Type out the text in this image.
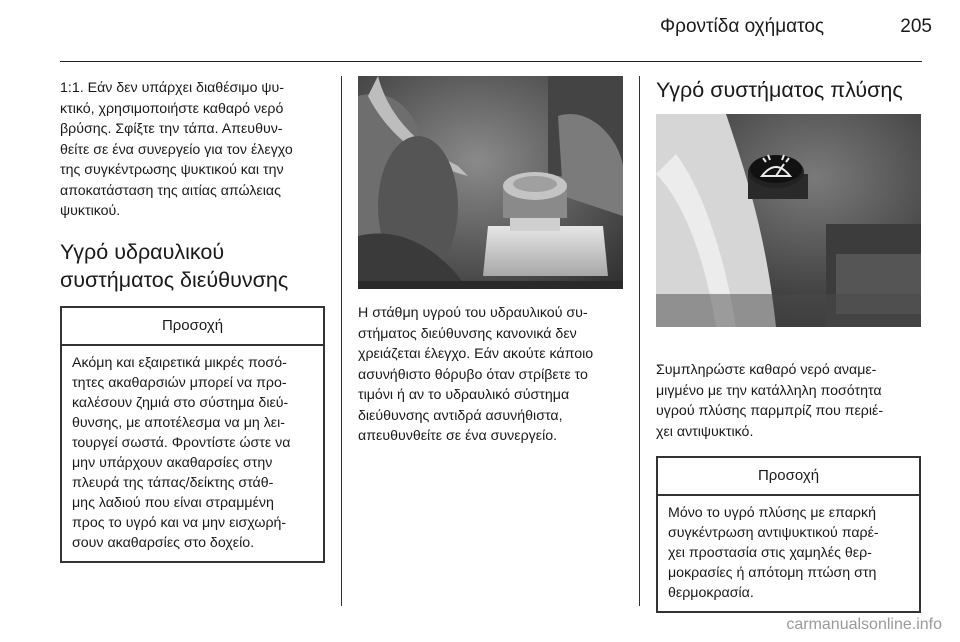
Φροντίδα οχήματος	205

1:1. Εάν δεν υπάρχει διαθέσιμο ψυ-
κτικό, χρησιμοποιήστε καθαρό νερό
βρύσης. Σφίξτε την τάπα. Απευθυν-
θείτε σε ένα συνεργείο για τον έλεγχο
της συγκέντρωσης ψυκτικού και την
αποκατάσταση της αιτίας απώλειας
ψυκτικού.

Υγρό υδραυλικού
συστήματος διεύθυνσης
Προσοχή
Ακόμη και εξαιρετικά μικρές ποσό-
τητες ακαθαρσιών μπορεί να προ-
καλέσουν ζημιά στο σύστημα διεύ-
θυνσης, με αποτέλεσμα να μη λει-
τουργεί σωστά. Φροντίστε ώστε να
μην υπάρχουν ακαθαρσίες στην
πλευρά της τάπας/δείκτης στάθ-
μης λαδιού που είναι στραμμένη
προς το υγρό και να μην εισχωρή-
σουν ακαθαρσίες στο δοχείο.

Η στάθμη υγρού του υδραυλικού συ-
στήματος διεύθυνσης κανονικά δεν
χρειάζεται έλεγχο. Εάν ακούτε κάποιο
ασυνήθιστο θόρυβο όταν στρίβετε το
τιμόνι ή αν το υδραυλικό σύστημα
διεύθυνσης αντιδρά ασυνήθιστα,
απευθυνθείτε σε ένα συνεργείο.

Υγρό συστήματος πλύσης

Συμπληρώστε καθαρό νερό αναμε-
μιγμένο με την κατάλληλη ποσότητα
υγρού πλύσης παρμπρίζ που περιέ-
χει αντιψυκτικό.

Προσοχή
Μόνο το υγρό πλύσης με επαρκή
συγκέντρωση αντιψυκτικού παρέ-
χει προστασία στις χαμηλές θερ-
μοκρασίες ή απότομη πτώση στη
θερμοκρασία.
carmanualsonline.info
